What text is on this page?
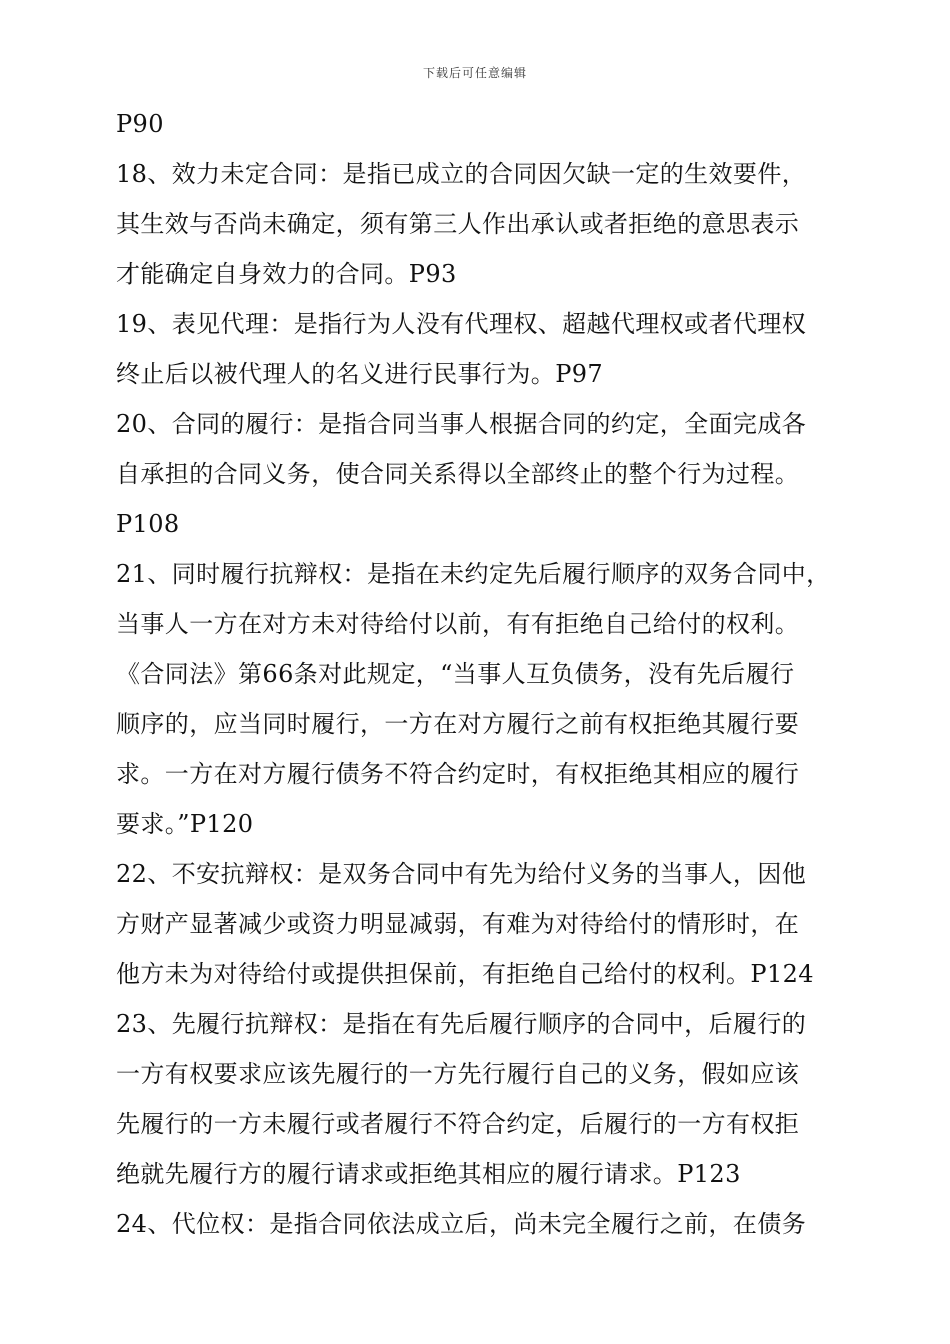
下载后可任意编辑
P90
18、效力未定合同：是指已成立的合同因欠缺一定的生效要件，
其生效与否尚未确定，须有第三人作出承认或者拒绝的意思表示
才能确定自身效力的合同。P93
19、表见代理：是指行为人没有代理权、超越代理权或者代理权
终止后以被代理人的名义进行民事行为。P97
20、合同的履行：是指合同当事人根据合同的约定，全面完成各
自承担的合同义务，使合同关系得以全部终止的整个行为过程。
P108
21、同时履行抗辩权：是指在未约定先后履行顺序的双务合同中，
当事人一方在对方未对待给付以前，有有拒绝自己给付的权利。
《合同法》第66条对此规定，“当事人互负债务，没有先后履行
顺序的，应当同时履行，一方在对方履行之前有权拒绝其履行要
求。一方在对方履行债务不符合约定时，有权拒绝其相应的履行
要求。”P120
22、不安抗辩权：是双务合同中有先为给付义务的当事人，因他
方财产显著减少或资力明显减弱，有难为对待给付的情形时，在
他方未为对待给付或提供担保前，有拒绝自己给付的权利。P124
23、先履行抗辩权：是指在有先后履行顺序的合同中，后履行的
一方有权要求应该先履行的一方先行履行自己的义务，假如应该
先履行的一方未履行或者履行不符合约定，后履行的一方有权拒
绝就先履行方的履行请求或拒绝其相应的履行请求。P123
24、代位权：是指合同依法成立后，尚未完全履行之前，在债务
